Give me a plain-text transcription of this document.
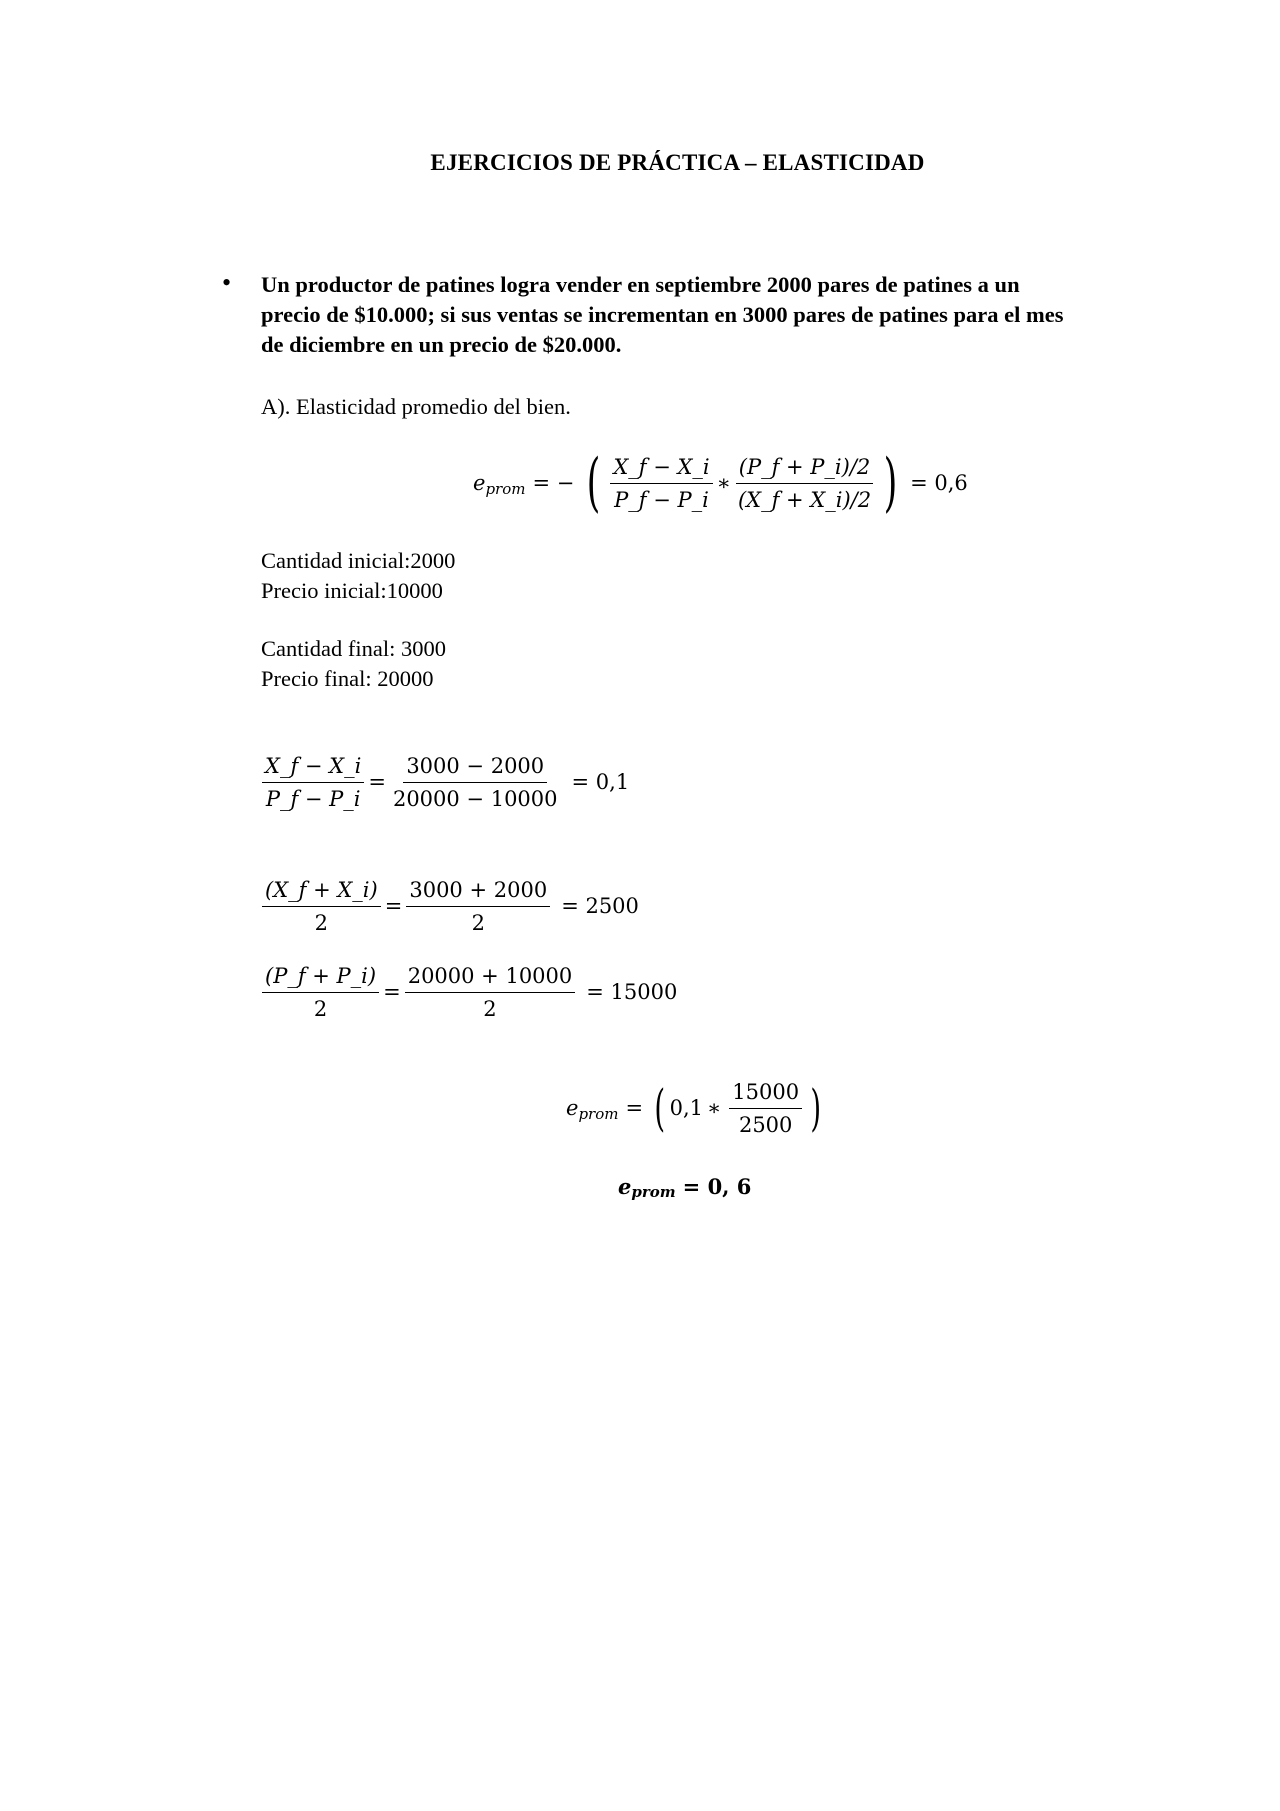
EJERCICIOS DE PRÁCTICA – ELASTICIDAD
• Un productor de patines logra vender en septiembre 2000 pares de patines a un precio de $10.000; si sus ventas se incrementan en 3000 pares de patines para el mes de diciembre en un precio de $20.000.
A). Elasticidad promedio del bien.
e prom = − ( $\frac{X\_f - X\_i}{P\_f - P\_i}$ ∗ $\frac{(P\_f + P\_i)/2}{(X\_f + X\_i)/2}$ ) = 0,6
Cantidad inicial:2000
Precio inicial:10000
Cantidad final: 3000
Precio final: 20000
$\frac{X\_f - X\_i}{P\_f - P\_i} = \frac{3000 - 2000}{20000 - 10000} = 0,1$
$\frac{(X\_f + X\_i)}{2} = \frac{3000 + 2000}{2} = 2500$
$\frac{(P\_f + P\_i)}{2} = \frac{20000 + 10000}{2} = 15000$
e prom = ( 0,1 ∗ $\frac{15000}{2500}$ )
e prom = 0, 6
